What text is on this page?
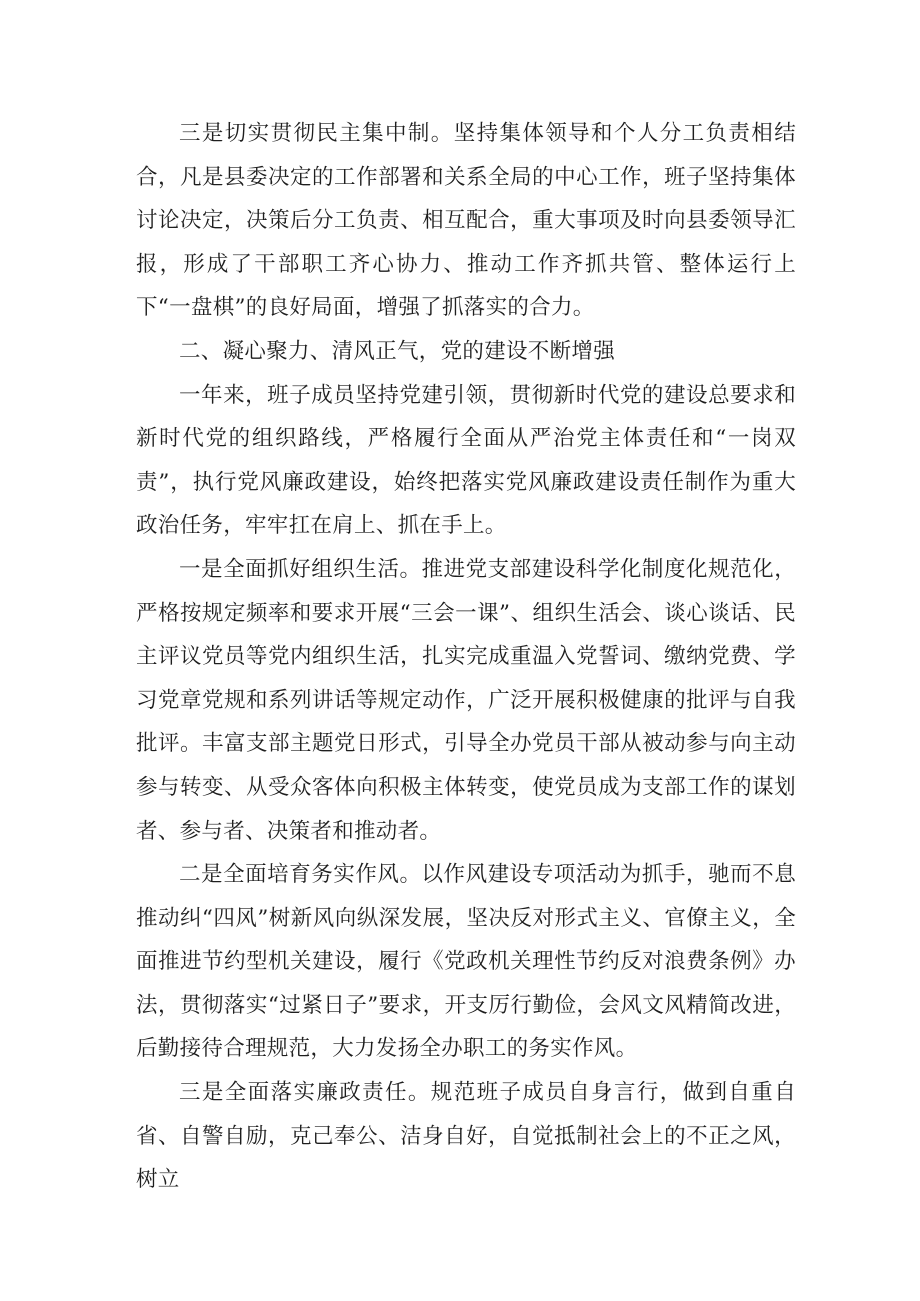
三是切实贯彻民主集中制。坚持集体领导和个人分工负责相结合，凡是县委决定的工作部署和关系全局的中心工作，班子坚持集体讨论决定，决策后分工负责、相互配合，重大事项及时向县委领导汇报，形成了干部职工齐心协力、推动工作齐抓共管、整体运行上下“一盘棋”的良好局面，增强了抓落实的合力。

二、凝心聚力、清风正气，党的建设不断增强

一年来，班子成员坚持党建引领，贯彻新时代党的建设总要求和新时代党的组织路线，严格履行全面从严治党主体责任和“一岗双责”，执行党风廉政建设，始终把落实党风廉政建设责任制作为重大政治任务，牢牢扛在肩上、抓在手上。

一是全面抓好组织生活。推进党支部建设科学化制度化规范化，严格按规定频率和要求开展“三会一课”、组织生活会、谈心谈话、民主评议党员等党内组织生活，扎实完成重温入党誓词、缴纳党费、学习党章党规和系列讲话等规定动作，广泛开展积极健康的批评与自我批评。丰富支部主题党日形式，引导全办党员干部从被动参与向主动参与转变、从受众客体向积极主体转变，使党员成为支部工作的谋划者、参与者、决策者和推动者。

二是全面培育务实作风。以作风建设专项活动为抓手，驰而不息推动纠“四风”树新风向纵深发展，坚决反对形式主义、官僚主义，全面推进节约型机关建设，履行《党政机关理性节约反对浪费条例》办法，贯彻落实“过紧日子”要求，开支厉行勤俭，会风文风精简改进，后勤接待合理规范，大力发扬全办职工的务实作风。

三是全面落实廉政责任。规范班子成员自身言行，做到自重自省、自警自励，克己奉公、洁身自好，自觉抵制社会上的不正之风，树立
